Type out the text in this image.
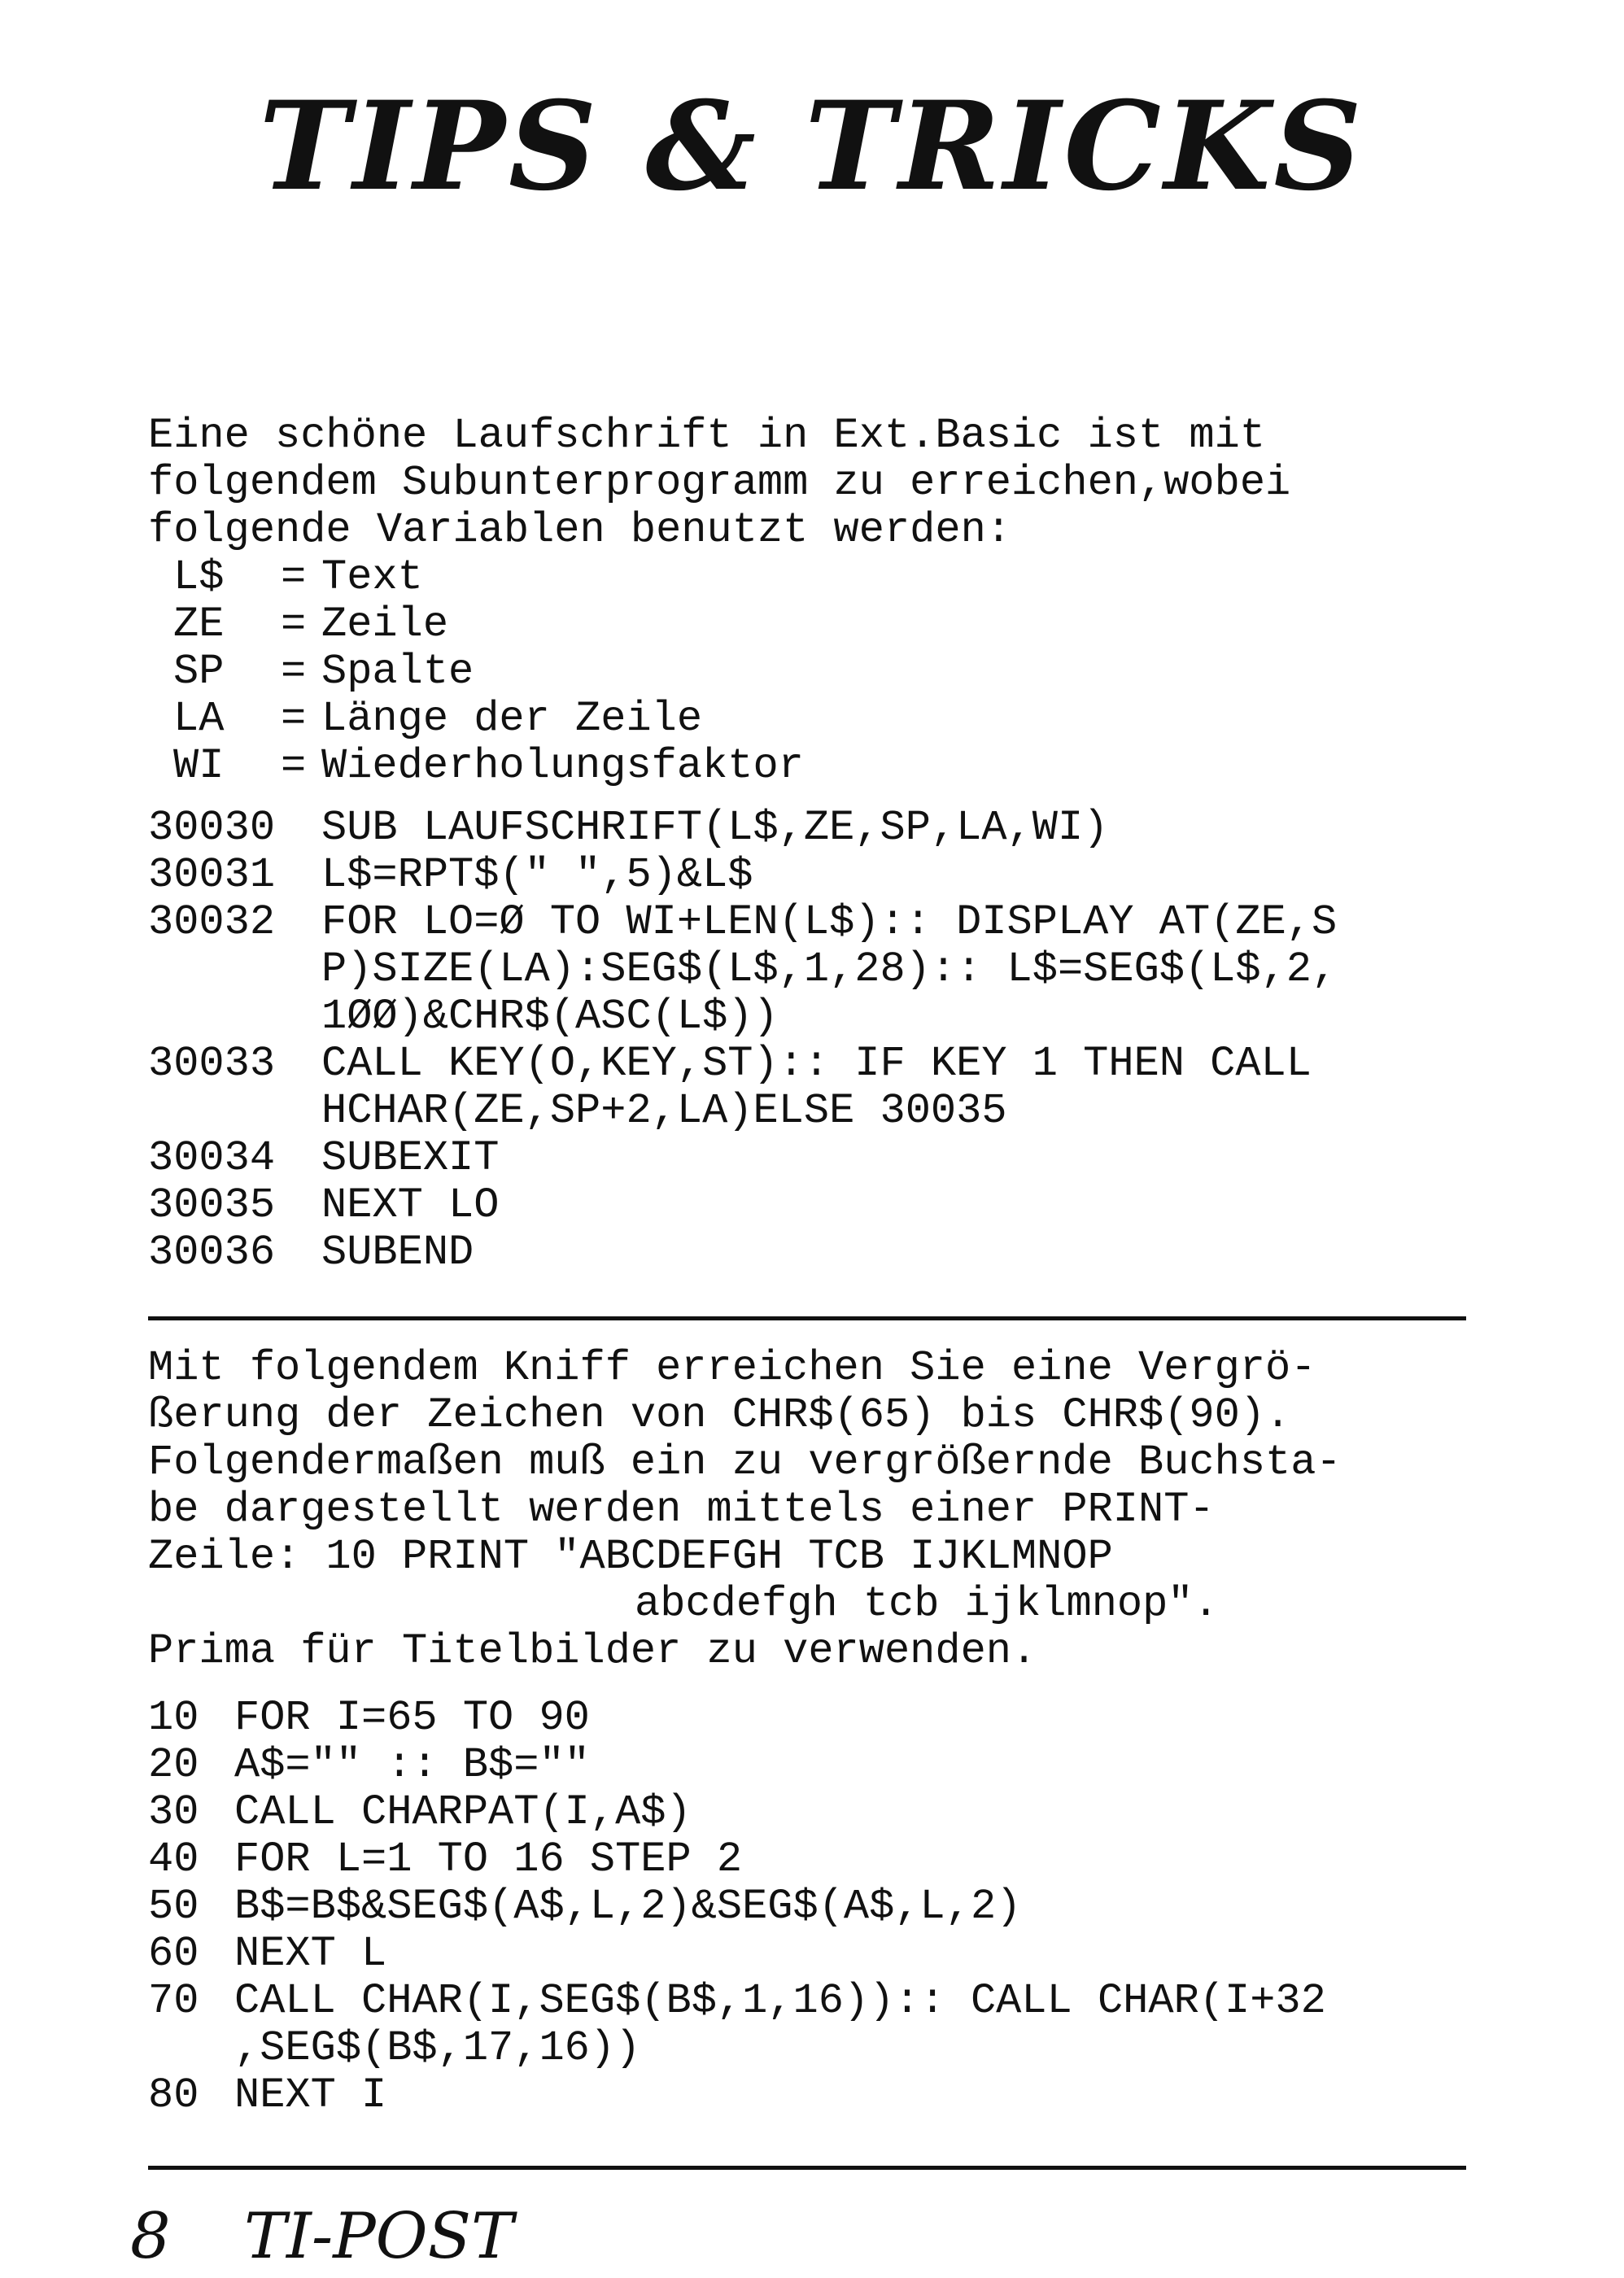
TIPS & TRICKS
Eine schöne Laufschrift in Ext.Basic ist mit
folgendem Subunterprogramm zu erreichen,wobei
folgende Variablen benutzt werden:
L$ = Text
ZE = Zeile
SP = Spalte
LA = Länge der Zeile
WI = Wiederholungsfaktor
30030 SUB LAUFSCHRIFT(L$,ZE,SP,LA,WI)
30031 L$=RPT$(" ",5)&L$
30032 FOR LO=Ø TO WI+LEN(L$):: DISPLAY AT(ZE,S
P)SIZE(LA):SEG$(L$,1,28):: L$=SEG$(L$,2,
1ØØ)&CHR$(ASC(L$))
30033 CALL KEY(O,KEY,ST):: IF KEY 1 THEN CALL
HCHAR(ZE,SP+2,LA)ELSE 30035
30034 SUBEXIT
30035 NEXT LO
30036 SUBEND
Mit folgendem Kniff erreichen Sie eine Vergrö-
ßerung der Zeichen von CHR$(65) bis CHR$(90).
Folgendermaßen muß ein zu vergrößernde Buchsta-
be dargestellt werden mittels einer PRINT-
Zeile: 10 PRINT "ABCDEFGH TCB IJKLMNOP
abcdefgh tcb ijklmnop".
Prima für Titelbilder zu verwenden.
10 FOR I=65 TO 90
20 A$="" :: B$=""
30 CALL CHARPAT(I,A$)
40 FOR L=1 TO 16 STEP 2
50 B$=B$&SEG$(A$,L,2)&SEG$(A$,L,2)
60 NEXT L
70 CALL CHAR(I,SEG$(B$,1,16)):: CALL CHAR(I+32
,SEG$(B$,17,16))
80 NEXT I
8 TI-POST
